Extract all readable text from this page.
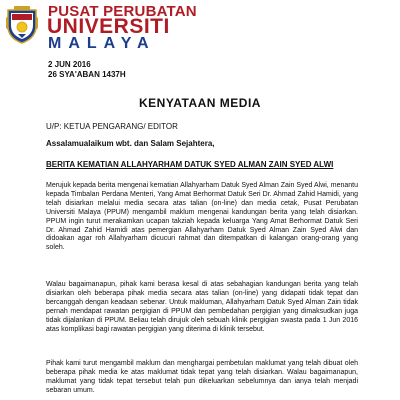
PUSAT PERUBATAN
UNIVERSITI
MALAYA
2 JUN 2016
26 SYA'ABAN 1437H
KENYATAAN MEDIA
U/P: KETUA PENGARANG/ EDITOR
Assalamualaikum wbt. dan Salam Sejahtera,
BERITA KEMATIAN ALLAHYARHAM DATUK SYED ALMAN ZAIN SYED ALWI

Merujuk kepada berita mengenai kematian Allahyarham Datuk Syed Alman Zain Syed Alwi, menantu kepada Timbalan Perdana Menteri, Yang Amat Berhormat Datuk Seri Dr. Ahmad Zahid Hamidi, yang telah disiarkan melalui media secara atas talian (on-line) dan media cetak, Pusat Perubatan Universiti Malaya (PPUM) mengambil maklum mengenai kandungan berita yang telah disiarkan. PPUM ingin turut merakamkan ucapan takziah kepada keluarga Yang Amat Berhormat Datuk Seri Dr. Ahmad Zahid Hamidi atas pemergian Allahyarham Datuk Syed Alman Zain Syed Alwi dan didoakan agar roh Allahyarham dicucuri rahmat dan ditempatkan di kalangan orang-orang yang soleh.

Walau bagaimanapun, pihak kami berasa kesal di atas sebahagian kandungan berita yang telah disiarkan oleh beberapa pihak media secara atas talian (on-line) yang didapati tidak tepat dan bercanggah dengan keadaan sebenar. Untuk makluman, Allahyarham Datuk Syed Alman Zain tidak pernah mendapat rawatan pergigian di PPUM dan pembedahan pergigian yang dimaksudkan juga tidak dijalankan di PPUM. Beliau telah dirujuk oleh sebuah klinik pergigian swasta pada 1 Jun 2016 atas komplikasi bagi rawatan pergigian yang diterima di klinik tersebut.

Pihak kami turut mengambil maklum dan menghargai pembetulan maklumat yang telah dibuat oleh beberapa pihak media ke atas maklumat tidak tepat yang telah disiarkan. Walau bagaimanapun, maklumat yang tidak tepat tersebut telah pun dikeluarkan sebelumnya dan ianya telah menjadi sebaran umum.
